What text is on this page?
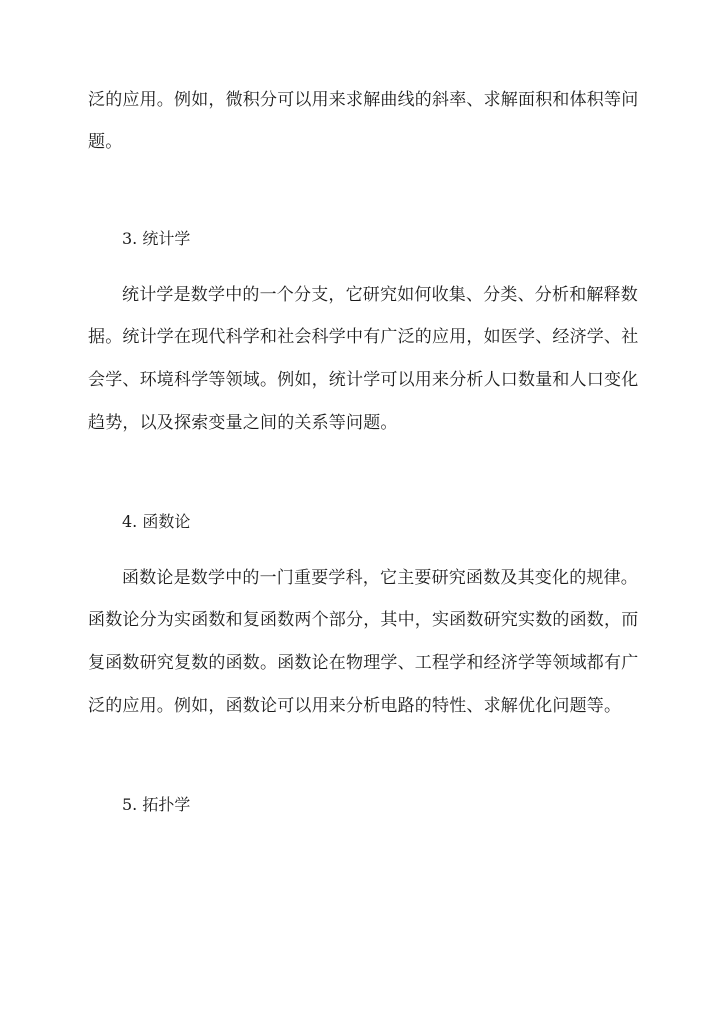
泛的应用。例如，微积分可以用来求解曲线的斜率、求解面积和体积等问
题。
3. 统计学
统计学是数学中的一个分支，它研究如何收集、分类、分析和解释数
据。统计学在现代科学和社会科学中有广泛的应用，如医学、经济学、社
会学、环境科学等领域。例如，统计学可以用来分析人口数量和人口变化
趋势，以及探索变量之间的关系等问题。
4. 函数论
函数论是数学中的一门重要学科，它主要研究函数及其变化的规律。
函数论分为实函数和复函数两个部分，其中，实函数研究实数的函数，而
复函数研究复数的函数。函数论在物理学、工程学和经济学等领域都有广
泛的应用。例如，函数论可以用来分析电路的特性、求解优化问题等。
5. 拓扑学
